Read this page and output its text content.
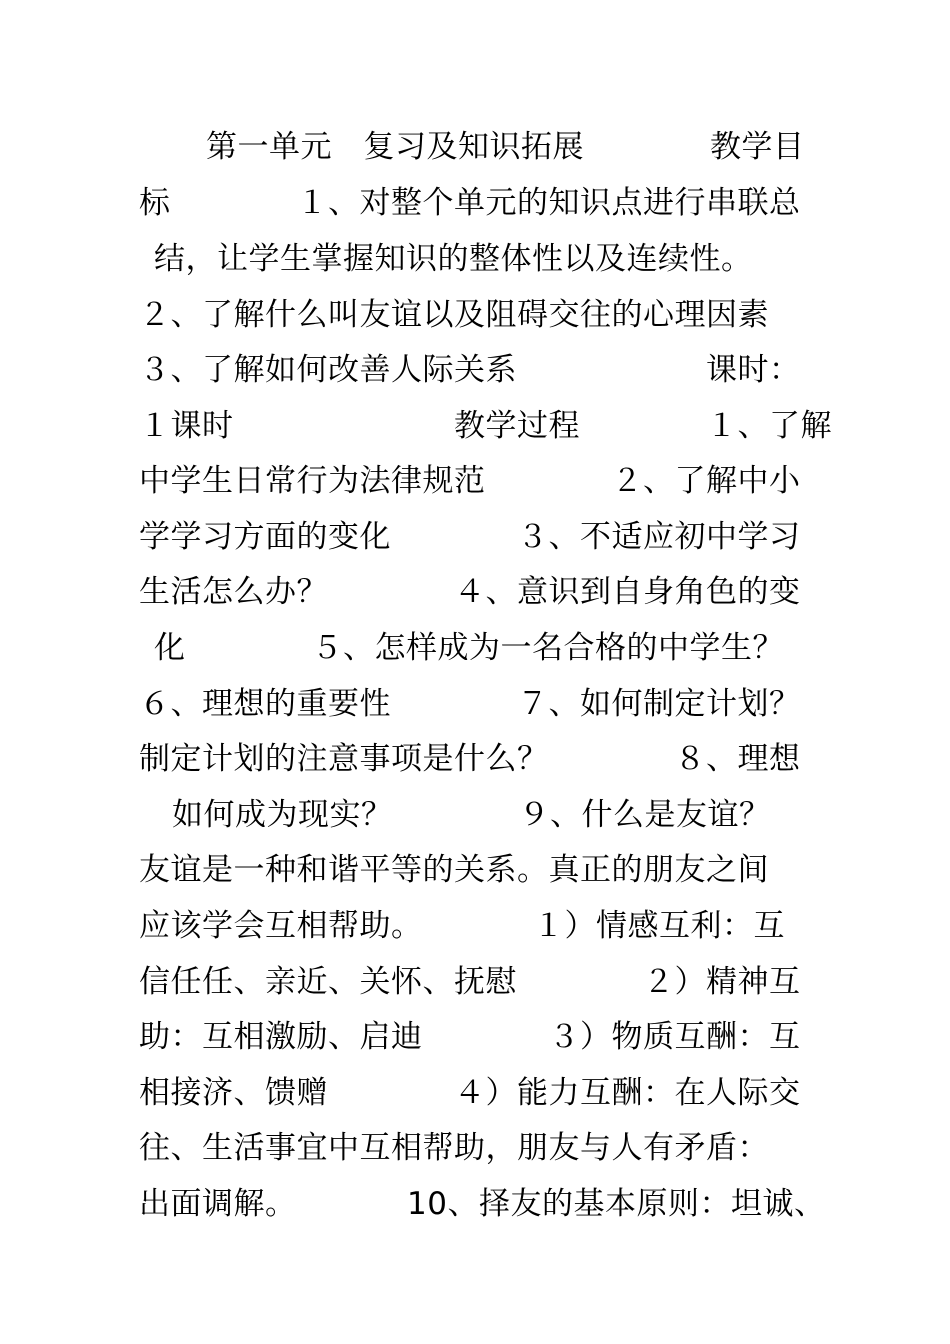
第一单元　复习及知识拓展　　　　教学目
标　　　　１、对整个单元的知识点进行串联总
结，让学生掌握知识的整体性以及连续性。
２、了解什么叫友谊以及阻碍交往的心理因素
３、了解如何改善人际关系　　　　　　课时：
１课时　　　　　　　教学过程　　　　１、了解
中学生日常行为法律规范　　　　２、了解中小
学学习方面的变化　　　　３、不适应初中学习
生活怎么办？　　　　４、意识到自身角色的变
化　　　　５、怎样成为一名合格的中学生？
６、理想的重要性　　　　７、如何制定计划？
制定计划的注意事项是什么？　　　　８、理想
如何成为现实？　　　　９、什么是友谊？
友谊是一种和谐平等的关系。真正的朋友之间
应该学会互相帮助。　　　　１）情感互利：互
信任任、亲近、关怀、抚慰　　　　２）精神互
助：互相激励、启迪　　　　３）物质互酬：互
相接济、馈赠　　　　４）能力互酬：在人际交
往、生活事宜中互相帮助，朋友与人有矛盾：
出面调解。　　　　10、择友的基本原则：坦诚、
